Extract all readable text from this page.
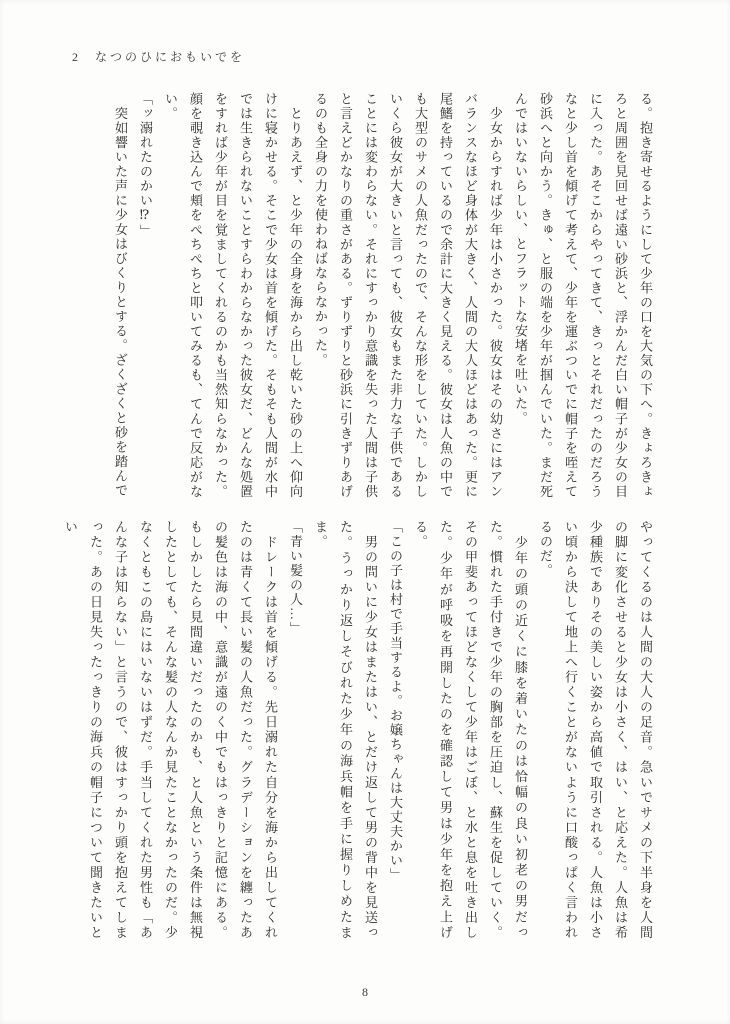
2 なつのひにおもいでを

る。抱き寄せるようにして少年の口を大気の下へ。きょろきょろと周囲を見回せば遠い砂浜と、浮かんだ白い帽子が少女の目に入った。あそこからやってきて、きっとそれだったのだろうなと少し首を傾げて考えて、少年を運ぶついでに帽子を咥えて砂浜へと向かう。きゅ、と服の端を少年が掴んでいた。まだ死んではいないらしい、とフラットな安堵を吐いた。

　少女からすれば少年は小さかった。彼女はその幼さにはアンバランスなほど身体が大きく、人間の大人ほどはあった。更に尾鰭を持っているので余計に大きく見える。彼女は人魚の中でも大型のサメの人魚だったので、そんな形をしていた。しかしいくら彼女が大きいと言っても、彼女もまた非力な子供であることには変わらない。それにすっかり意識を失った人間は子供と言えどかなりの重さがある。ずりずりと砂浜に引きずりあげるのも全身の力を使わねばならなかった。

　とりあえず、と少年の全身を海から出し乾いた砂の上へ仰向けに寝かせる。そこで少女は首を傾げた。そもそも人間が水中では生きられないことすらわからなかった彼女だ、どんな処置をすれば少年が目を覚ましてくれるのかも当然知らなかった。顔を覗き込んで頬をぺちぺちと叩いてみるも、てんで反応がない。

「ッ溺れたのかい⁉」

　突如響いた声に少女はびくりとする。ざくざくと砂を踏んで

やってくるのは人間の大人の足音。急いでサメの下半身を人間の脚に変化させると少女は小さく、はい、と応えた。人魚は希少種族でありその美しい姿から高値で取引される。人魚は小さい頃から決して地上へ行くことがないように口酸っぱく言われるのだ。

　少年の頭の近くに膝を着いたのは恰幅の良い初老の男だった。慣れた手付きで少年の胸部を圧迫し、蘇生を促していく。その甲斐あってほどなくして少年はごぼ、と水と息を吐き出した。少年が呼吸を再開したのを確認して男は少年を抱え上げる。

「この子は村で手当するよ。お嬢ちゃんは大丈夫かい」

　男の問いに少女はまたはい、とだけ返して男の背中を見送った。うっかり返しそびれた少年の海兵帽を手に握りしめたまま。

「青い髪の人…」

　ドレークは首を傾げる。先日溺れた自分を海から出してくれたのは青くて長い髪の人魚だった。グラデーションを纏ったあの髪色は海の中、意識が遠のく中でもはっきりと記憶にある。もしかしたら見間違いだったのかも、と人魚という条件は無視したとしても、そんな髪の人なんか見たことなかったのだ。少なくともこの島にはいないはずだ。手当してくれた男性も「あんな子は知らない」と言うので、彼はすっかり頭を抱えてしまった。あの日見失ったっきりの海兵の帽子について聞きたいとい

8
